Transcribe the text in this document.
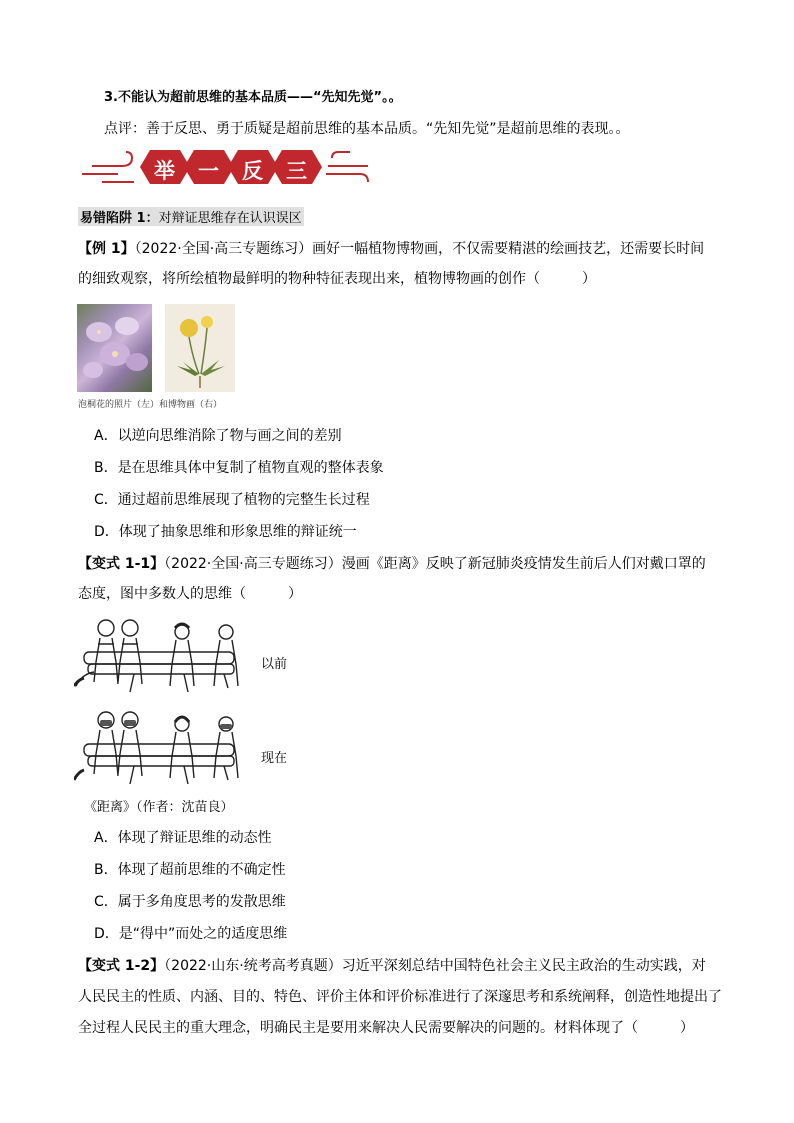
3.不能认为超前思维的基本品质——“先知先觉”。。
点评：善于反思、勇于质疑是超前思维的基本品质。“先知先觉”是超前思维的表现。。
举 一 反 三
易错陷阱 1：对辩证思维存在认识误区
【例 1】（2022·全国·高三专题练习）画好一幅植物博物画，不仅需要精湛的绘画技艺，还需要长时间
的细致观察，将所绘植物最鲜明的物种特征表现出来，植物博物画的创作（　　　）
泡桐花的照片（左）和博物画（右）
A．以逆向思维消除了物与画之间的差别
B．是在思维具体中复制了植物直观的整体表象
C．通过超前思维展现了植物的完整生长过程
D．体现了抽象思维和形象思维的辩证统一
【变式 1-1】（2022·全国·高三专题练习）漫画《距离》反映了新冠肺炎疫情发生前后人们对戴口罩的
态度，图中多数人的思维（　　　）
以前
现在
《距离》（作者：沈苗良）
A．体现了辩证思维的动态性
B．体现了超前思维的不确定性
C．属于多角度思考的发散思维
D．是“得中”而处之的适度思维
【变式 1-2】（2022·山东·统考高考真题）习近平深刻总结中国特色社会主义民主政治的生动实践，对
人民民主的性质、内涵、目的、特色、评价主体和评价标准进行了深邃思考和系统阐释，创造性地提出了
全过程人民民主的重大理念，明确民主是要用来解决人民需要解决的问题的。材料体现了（　　　）
